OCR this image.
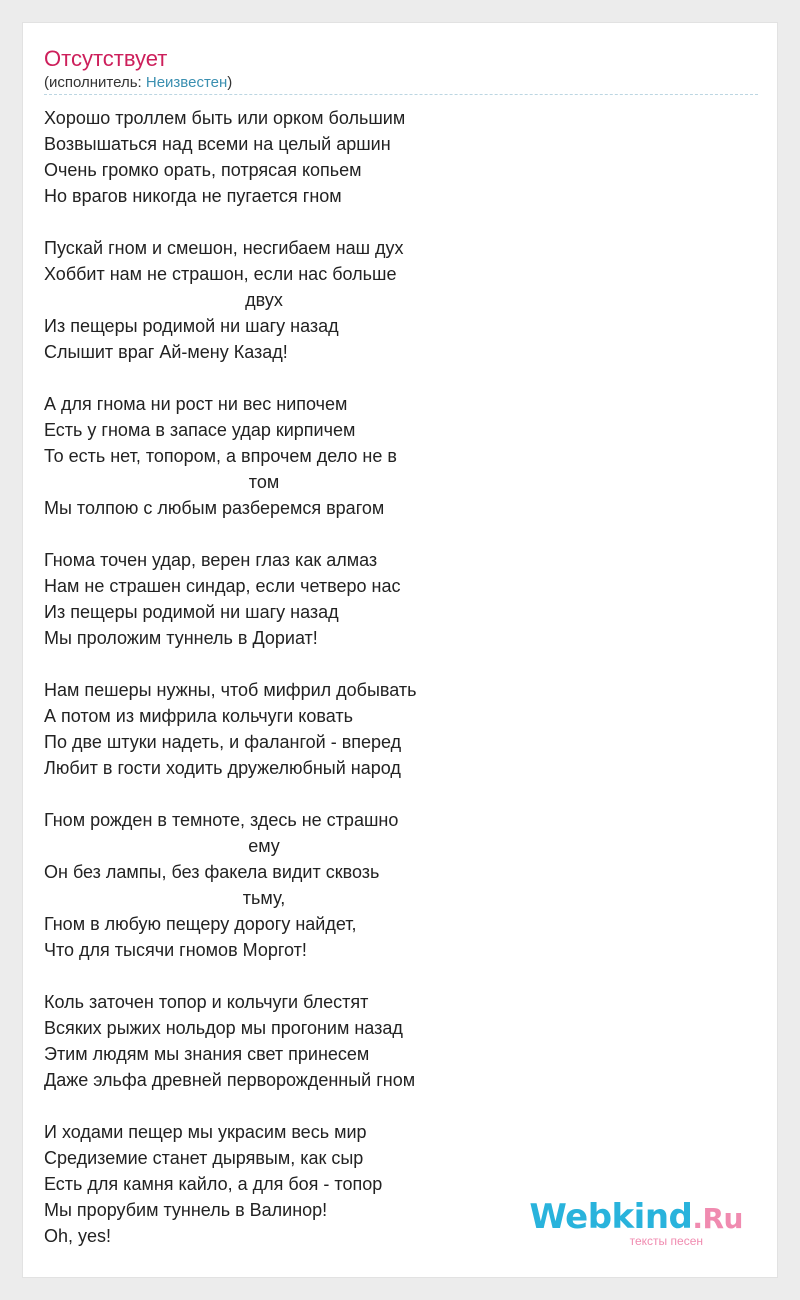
Отсутствует
(исполнитель: Неизвестен)
Хорошо троллем быть или орком большим
Возвышаться над всеми на целый аршин
Очень громко орать, потрясая копьем
Но врагов никогда не пугается гном
Пускай гном и смешон, несгибаем наш дух
Хоббит нам не страшон, если нас больше
двух
Из пещеры родимой ни шагу назад
Слышит враг Ай-мену Казад!
А для гнома ни рост ни вес нипочем
Есть у гнома в запасе удар кирпичем
То есть нет, топором, а впрочем дело не в
том
Мы толпою с любым разберемся врагом
Гнома точен удар, верен глаз как алмаз
Нам не страшен синдар, если четверо нас
Из пещеры родимой ни шагу назад
Мы проложим туннель в Дориат!
Нам пешеры нужны, чтоб мифрил добывать
А потом из мифрила кольчуги ковать
По две штуки надеть, и фалангой - вперед
Любит в гости ходить дружелюбный народ
Гном рожден в темноте, здесь не страшно
ему
Он без лампы, без факела видит сквозь
тьму,
Гном в любую пещеру дорогу найдет,
Что для тысячи гномов Моргот!
Коль заточен топор и кольчуги блестят
Всяких рыжих нольдор мы прогоним назад
Этим людям мы знания свет принесем
Даже эльфа древней перворожденный гном
И ходами пещер мы украсим весь мир
Средиземие станет дырявым, как сыр
Есть для камня кайло, а для боя - топор
Мы прорубим туннель в Валинор!
Oh, yes!	Webkind.Ru
тексты песен
